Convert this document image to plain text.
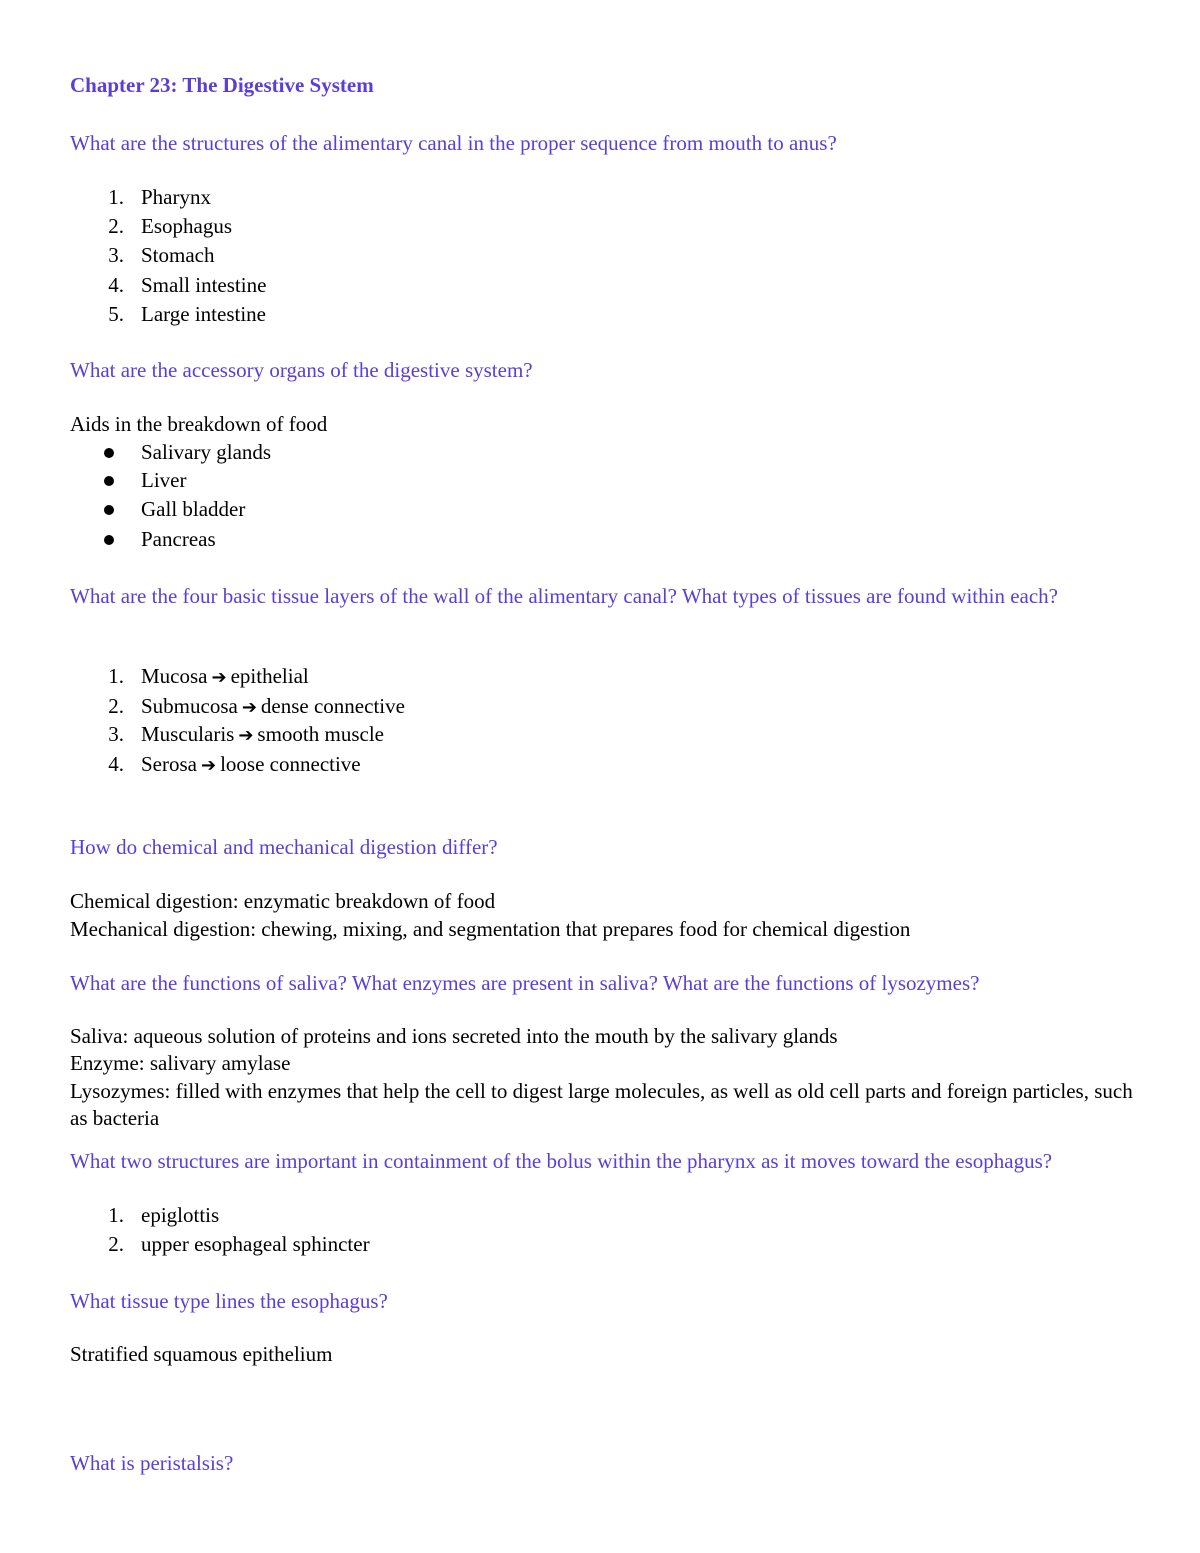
Chapter 23: The Digestive System
What are the structures of the alimentary canal in the proper sequence from mouth to anus?
1. Pharynx
2. Esophagus
3. Stomach
4. Small intestine
5. Large intestine
What are the accessory organs of the digestive system?
Aids in the breakdown of food
Salivary glands
Liver
Gall bladder
Pancreas
What are the four basic tissue layers of the wall of the alimentary canal? What types of tissues are found within each?
1. Mucosa ➔ epithelial
2. Submucosa ➔ dense connective
3. Muscularis ➔ smooth muscle
4. Serosa ➔ loose connective
How do chemical and mechanical digestion differ?
Chemical digestion: enzymatic breakdown of food
Mechanical digestion: chewing, mixing, and segmentation that prepares food for chemical digestion
What are the functions of saliva? What enzymes are present in saliva? What are the functions of lysozymes?
Saliva: aqueous solution of proteins and ions secreted into the mouth by the salivary glands
Enzyme: salivary amylase
Lysozymes: filled with enzymes that help the cell to digest large molecules, as well as old cell parts and foreign particles, such as bacteria
What two structures are important in containment of the bolus within the pharynx as it moves toward the esophagus?
1. epiglottis
2. upper esophageal sphincter
What tissue type lines the esophagus?
Stratified squamous epithelium
What is peristalsis?
